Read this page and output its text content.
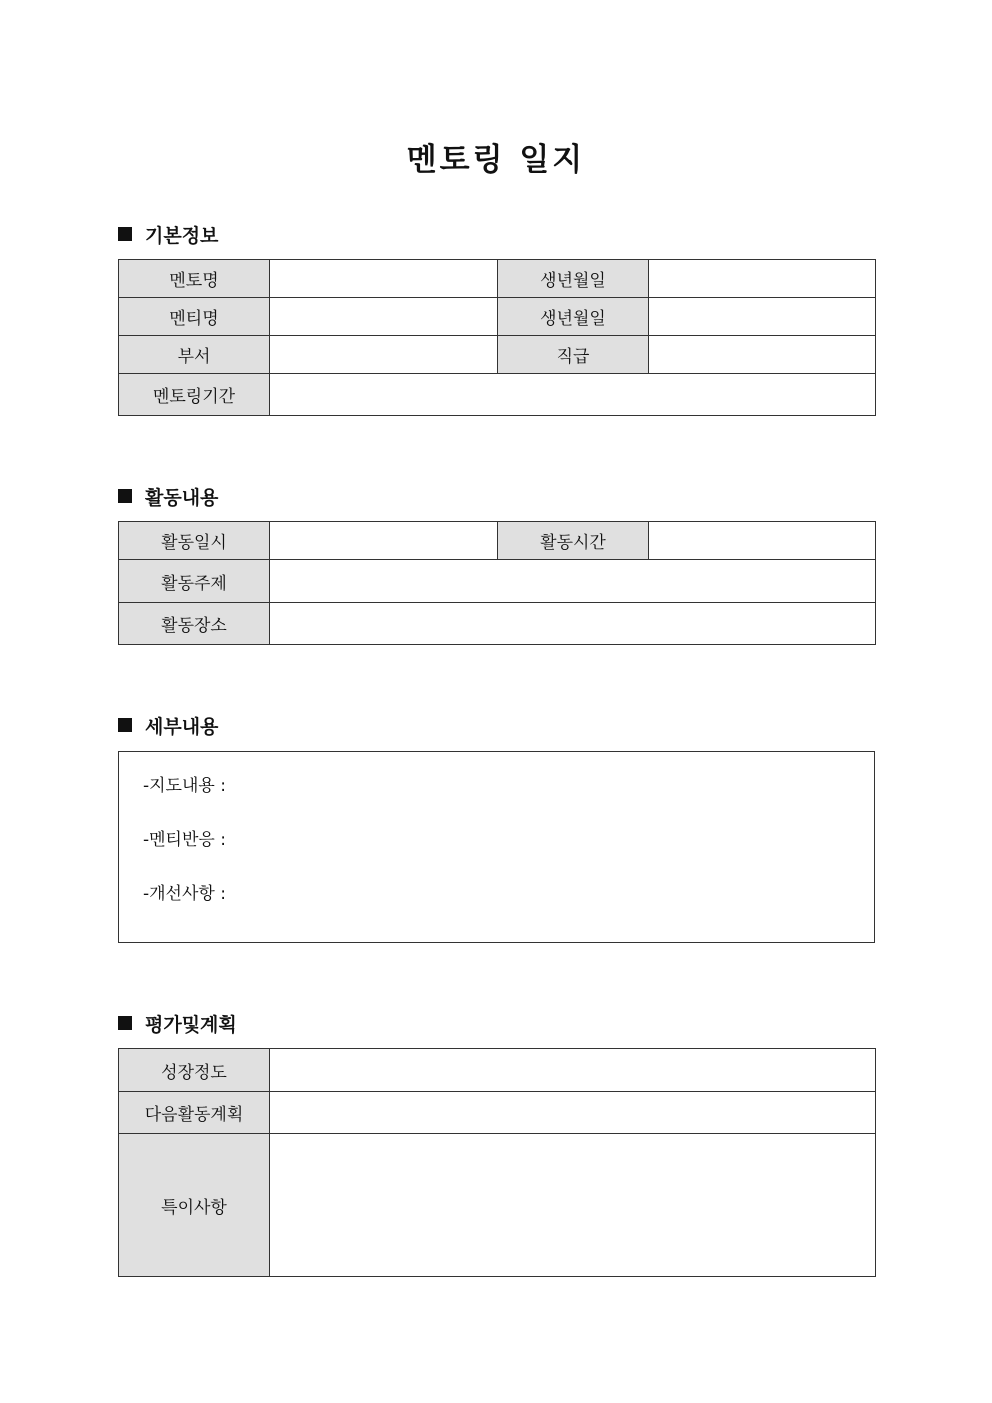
멘토링 일지
기본정보
멘토명		생년월일	
멘티명		생년월일	
부서		직급	
멘토링기간			
활동내용
활동일시		활동시간	
활동주제			
활동장소			
세부내용

-지도내용 :

-멘티반응 :

-개선사항 :

평가및계획
성장정도	
다음활동계획	
특이사항	
